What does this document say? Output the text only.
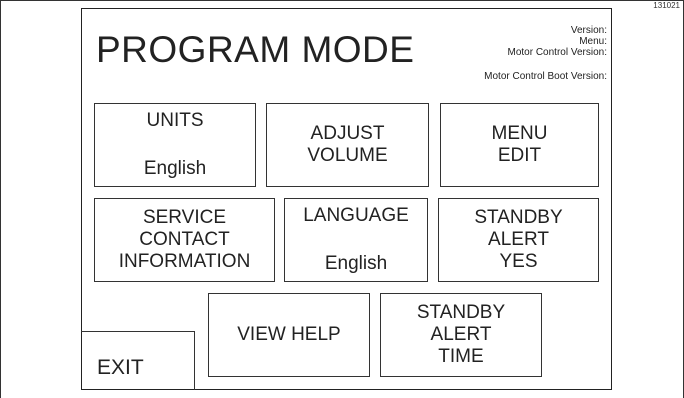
131021
PROGRAM MODE	Version:
Menu:
Motor Control Version:
Motor Control Boot Version:
UNITS
English
ADJUST
VOLUME
MENU
EDIT
SERVICE
CONTACT
INFORMATION
LANGUAGE
English
STANDBY
ALERT
YES
VIEW HELP
STANDBY
ALERT
TIME
EXIT
